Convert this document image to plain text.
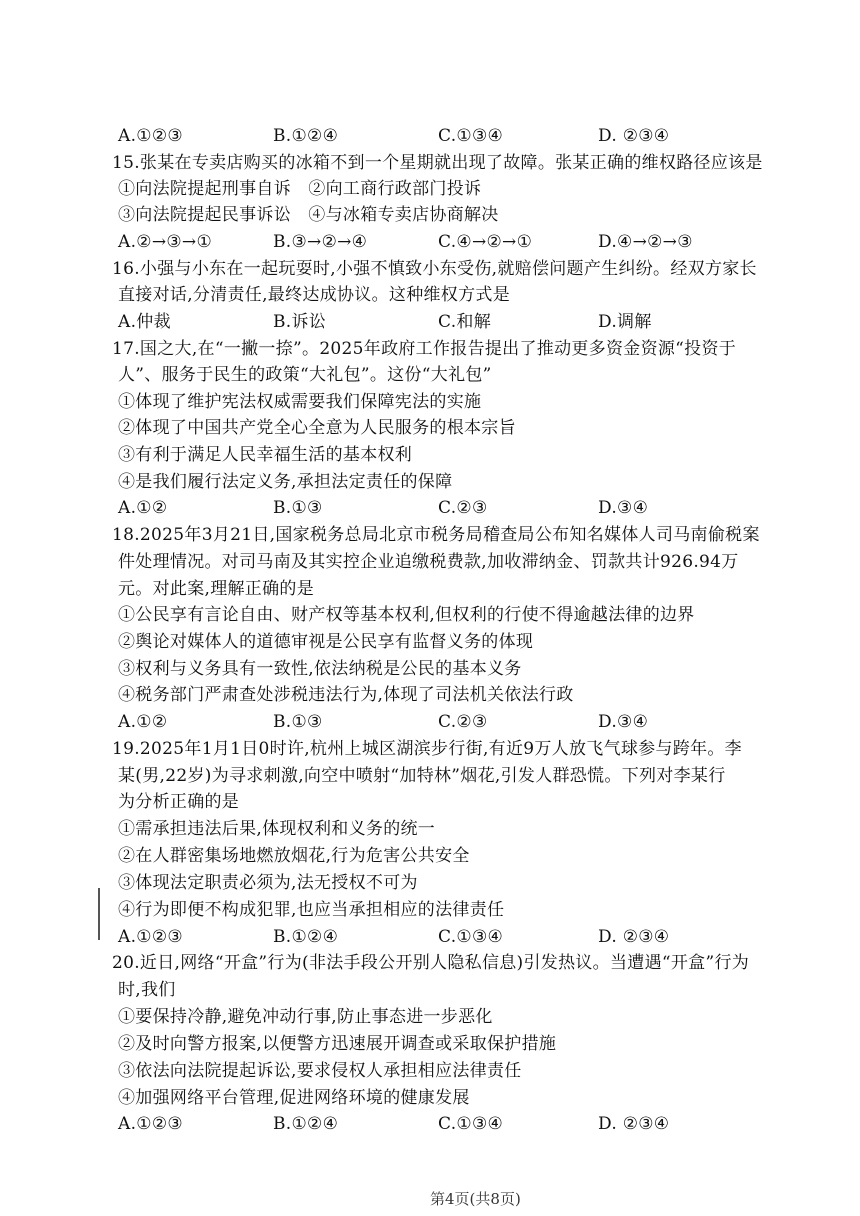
A.①②③	B.①②④	C.①③④	D. ②③④
15.张某在专卖店购买的冰箱不到一个星期就出现了故障。张某正确的维权路径应该是
①向法院提起刑事自诉　②向工商行政部门投诉
③向法院提起民事诉讼　④与冰箱专卖店协商解决
A.②→③→①	B.③→②→④	C.④→②→①	D.④→②→③
16.小强与小东在一起玩耍时,小强不慎致小东受伤,就赔偿问题产生纠纷。经双方家长
直接对话,分清责任,最终达成协议。这种维权方式是
A.仲裁	B.诉讼	C.和解	D.调解
17.国之大,在“一撇一捺”。2025年政府工作报告提出了推动更多资金资源“投资于
人”、服务于民生的政策“大礼包”。这份“大礼包”
①体现了维护宪法权威需要我们保障宪法的实施
②体现了中国共产党全心全意为人民服务的根本宗旨
③有利于满足人民幸福生活的基本权利
④是我们履行法定义务,承担法定责任的保障
A.①②	B.①③	C.②③	D.③④
18.2025年3月21日,国家税务总局北京市税务局稽查局公布知名媒体人司马南偷税案
件处理情况。对司马南及其实控企业追缴税费款,加收滞纳金、罚款共计926.94万
元。对此案,理解正确的是
①公民享有言论自由、财产权等基本权利,但权利的行使不得逾越法律的边界
②舆论对媒体人的道德审视是公民享有监督义务的体现
③权利与义务具有一致性,依法纳税是公民的基本义务
④税务部门严肃查处涉税违法行为,体现了司法机关依法行政
A.①②	B.①③	C.②③	D.③④
19.2025年1月1日0时许,杭州上城区湖滨步行街,有近9万人放飞气球参与跨年。李
某(男,22岁)为寻求刺激,向空中喷射“加特林”烟花,引发人群恐慌。下列对李某行
为分析正确的是
①需承担违法后果,体现权利和义务的统一
②在人群密集场地燃放烟花,行为危害公共安全
③体现法定职责必须为,法无授权不可为
④行为即便不构成犯罪,也应当承担相应的法律责任
A.①②③	B.①②④	C.①③④	D. ②③④
20.近日,网络“开盒”行为(非法手段公开别人隐私信息)引发热议。当遭遇“开盒”行为
时,我们
①要保持冷静,避免冲动行事,防止事态进一步恶化
②及时向警方报案,以便警方迅速展开调查或采取保护措施
③依法向法院提起诉讼,要求侵权人承担相应法律责任
④加强网络平台管理,促进网络环境的健康发展
A.①②③	B.①②④	C.①③④	D. ②③④
第4页(共8页)
